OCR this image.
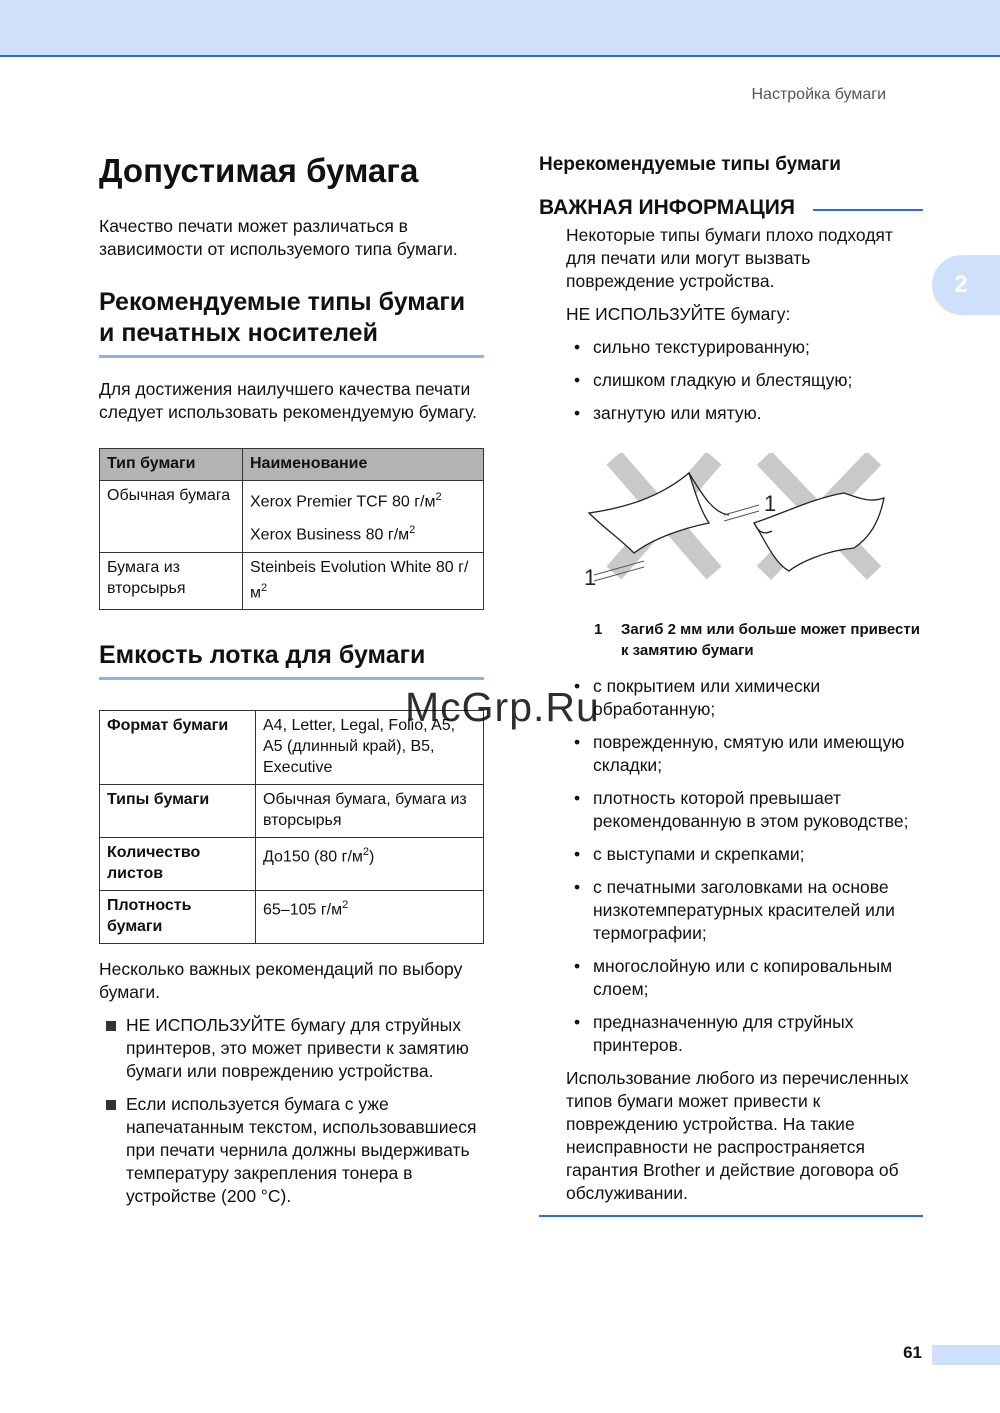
Настройка бумаги
2
Допустимая бумага

Качество печати может различаться в зависимости от используемого типа бумаги.

Рекомендуемые типы бумаги и печатных носителей

Для достижения наилучшего качества печати следует использовать рекомендуемую бумагу.

Тип бумаги	Наименование
Обычная бумага	Xerox Premier TCF 80 $г/м^2$
Xerox Business 80 $г/м^2$

Бумага из вторсырья	Steinbeis Evolution White 80 $г/м^2$
Емкость лотка для бумаги
Формат бумаги	A4, Letter, Legal, Folio, A5, A5 (длинный край), B5, Executive
Типы бумаги	Обычная бумага, бумага из вторсырья
Количество листов	До150 (80 $г/м^2$)
Плотность бумаги	65–105 $г/м^2$

Несколько важных рекомендаций по выбору бумаги.

НЕ ИСПОЛЬЗУЙТЕ бумагу для струйных принтеров, это может привести к замятию бумаги или повреждению устройства.
Если используется бумага с уже напечатанным текстом, использовавшиеся при печати чернила должны выдерживать температуру закрепления тонера в устройстве (200 °C).
Нерекомендуемые типы бумаги
ВАЖНАЯ ИНФОРМАЦИЯ

Некоторые типы бумаги плохо подходят для печати или могут вызвать повреждение устройства.

НЕ ИСПОЛЬЗУЙТЕ бумагу:

• сильно текстурированную;
• слишком гладкую и блестящую;
• загнутую или мятую.
1
1
1	Загиб 2 мм или больше может привести к замятию бумаги
• с покрытием или химически обработанную;
• поврежденную, смятую или имеющую складки;
• плотность которой превышает рекомендованную в этом руководстве;
• с выступами и скрепками;
• с печатными заголовками на основе низкотемпературных красителей или термографии;
• многослойную или с копировальным слоем;
• предназначенную для струйных принтеров.

Использование любого из перечисленных типов бумаги может привести к повреждению устройства. На такие неисправности не распространяется гарантия Brother и действие договора об обслуживании.

McGrp.Ru
61
